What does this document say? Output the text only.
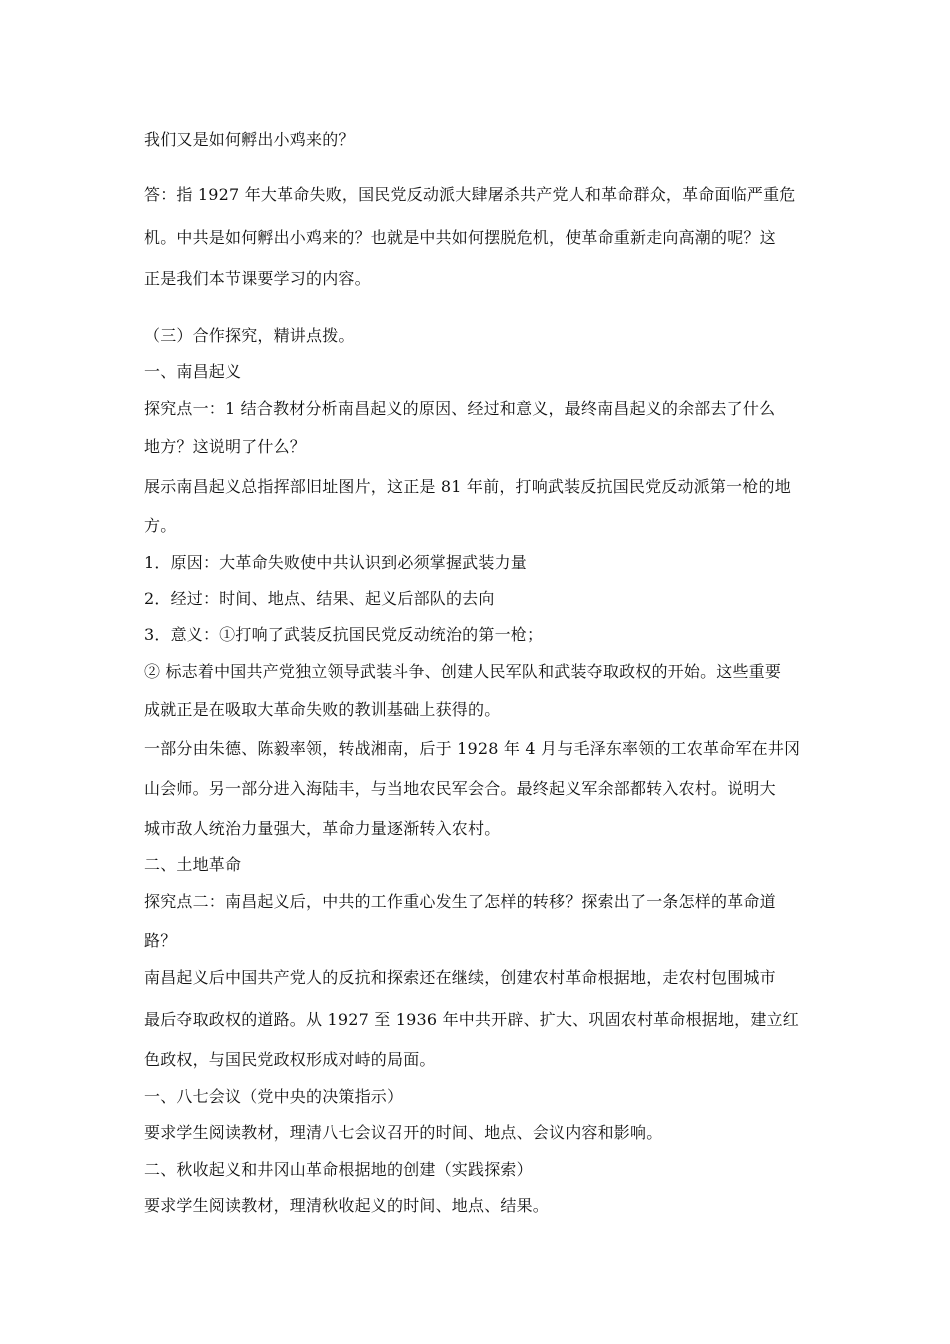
我们又是如何孵出小鸡来的？
答：指 1927 年大革命失败，国民党反动派大肆屠杀共产党人和革命群众，革命面临严重危
机。中共是如何孵出小鸡来的？也就是中共如何摆脱危机，使革命重新走向高潮的呢？这
正是我们本节课要学习的内容。
（三）合作探究，精讲点拨。
一、南昌起义
探究点一：1 结合教材分析南昌起义的原因、经过和意义，最终南昌起义的余部去了什么
地方？这说明了什么？
展示南昌起义总指挥部旧址图片，这正是 81 年前，打响武装反抗国民党反动派第一枪的地
方。
1．原因：大革命失败使中共认识到必须掌握武装力量
2．经过：时间、地点、结果、起义后部队的去向
3．意义：①打响了武装反抗国民党反动统治的第一枪；
② 标志着中国共产党独立领导武装斗争、创建人民军队和武装夺取政权的开始。这些重要
成就正是在吸取大革命失败的教训基础上获得的。
一部分由朱德、陈毅率领，转战湘南，后于 1928 年 4 月与毛泽东率领的工农革命军在井冈
山会师。另一部分进入海陆丰，与当地农民军会合。最终起义军余部都转入农村。说明大
城市敌人统治力量强大，革命力量逐渐转入农村。
二、土地革命
探究点二：南昌起义后，中共的工作重心发生了怎样的转移？探索出了一条怎样的革命道
路？
南昌起义后中国共产党人的反抗和探索还在继续，创建农村革命根据地，走农村包围城市
最后夺取政权的道路。从 1927 至 1936 年中共开辟、扩大、巩固农村革命根据地，建立红
色政权，与国民党政权形成对峙的局面。
一、八七会议（党中央的决策指示）
要求学生阅读教材，理清八七会议召开的时间、地点、会议内容和影响。
二、秋收起义和井冈山革命根据地的创建（实践探索）
要求学生阅读教材，理清秋收起义的时间、地点、结果。
